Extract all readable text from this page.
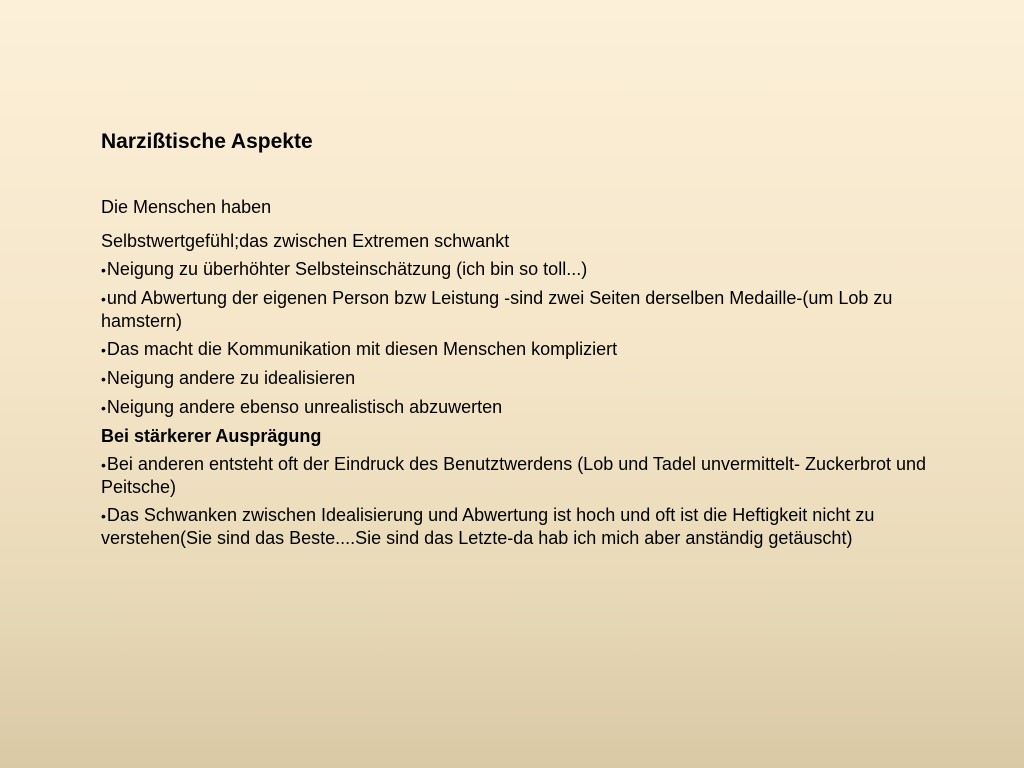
Narzißtische Aspekte
Die Menschen haben
Selbstwertgefühl;das zwischen Extremen schwankt
• Neigung zu überhöhter Selbsteinschätzung (ich bin so toll...)
• und Abwertung der eigenen Person bzw Leistung -sind zwei Seiten derselben Medaille-(um Lob zu hamstern)
• Das macht die Kommunikation mit diesen Menschen kompliziert
• Neigung andere zu idealisieren
• Neigung andere ebenso unrealistisch abzuwerten
Bei stärkerer Ausprägung
• Bei anderen entsteht oft der Eindruck des Benutztwerdens (Lob und Tadel unvermittelt- Zuckerbrot und Peitsche)
• Das Schwanken zwischen Idealisierung und Abwertung ist hoch und oft ist die Heftigkeit nicht zu verstehen(Sie sind das Beste....Sie sind das Letzte-da hab ich mich aber anständig getäuscht)
